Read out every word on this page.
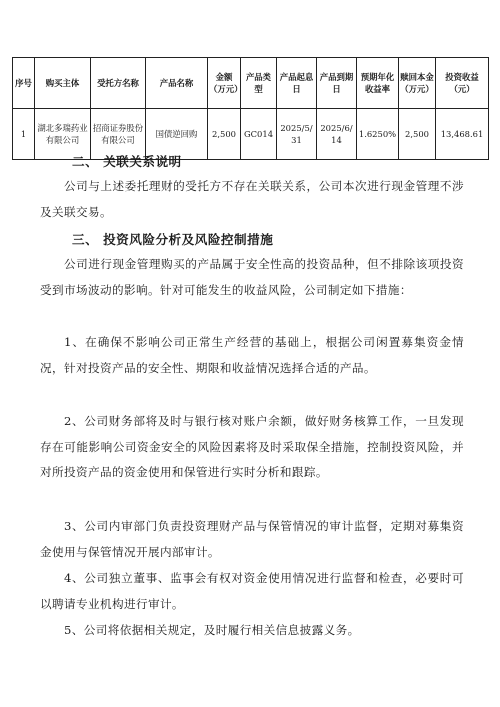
序号	购买主体	受托方名称	产品名称	金额（万元）	产品类型	产品起息日	产品到期日	预期年化收益率	赎回本金（万元）	投资收益（元）
1	湖北多瑞药业有限公司	招商证券股份有限公司	国债逆回购	2,500	GC014	2025/5/31	2025/6/14	1.6250%	2,500	13,468.61
二、 关联关系说明

公司与上述委托理财的受托方不存在关联关系，公司本次进行现金管理不涉及关联交易。

三、 投资风险分析及风险控制措施

公司进行现金管理购买的产品属于安全性高的投资品种，但不排除该项投资受到市场波动的影响。针对可能发生的收益风险，公司制定如下措施：

1、在确保不影响公司正常生产经营的基础上，根据公司闲置募集资金情况，针对投资产品的安全性、期限和收益情况选择合适的产品。

2、公司财务部将及时与银行核对账户余额，做好财务核算工作，一旦发现存在可能影响公司资金安全的风险因素将及时采取保全措施，控制投资风险，并对所投资产品的资金使用和保管进行实时分析和跟踪。

3、公司内审部门负责投资理财产品与保管情况的审计监督，定期对募集资金使用与保管情况开展内部审计。

4、公司独立董事、监事会有权对资金使用情况进行监督和检查，必要时可以聘请专业机构进行审计。

5、公司将依据相关规定，及时履行相关信息披露义务。
